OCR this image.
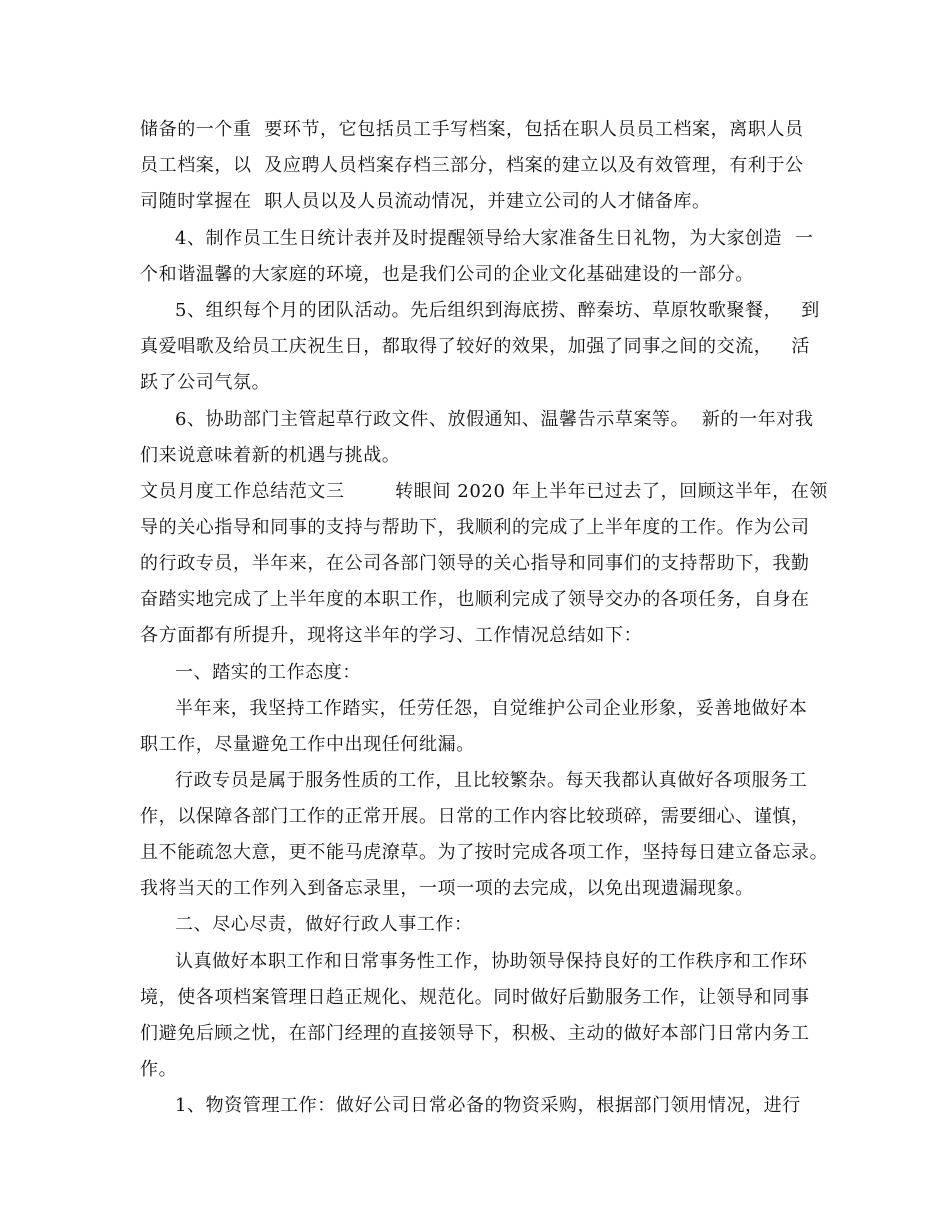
储备的一个重  要环节，它包括员工手写档案，包括在职人员员工档案，离职人员
员工档案，以  及应聘人员档案存档三部分，档案的建立以及有效管理，有利于公
司随时掌握在  职人员以及人员流动情况，并建立公司的人才储备库。
4、制作员工生日统计表并及时提醒领导给大家准备生日礼物，为大家创造  一
个和谐温馨的大家庭的环境，也是我们公司的企业文化基础建设的一部分。
5、组织每个月的团队活动。先后组织到海底捞、醉秦坊、草原牧歌聚餐，   到
真爱唱歌及给员工庆祝生日，都取得了较好的效果，加强了同事之间的交流，   活
跃了公司气氛。
6、协助部门主管起草行政文件、放假通知、温馨告示草案等。  新的一年对我
们来说意味着新的机遇与挑战。
文员月度工作总结范文三        转眼间 2020 年上半年已过去了，回顾这半年，在领
导的关心指导和同事的支持与帮助下，我顺利的完成了上半年度的工作。作为公司
的行政专员，半年来，在公司各部门领导的关心指导和同事们的支持帮助下，我勤
奋踏实地完成了上半年度的本职工作，也顺利完成了领导交办的各项任务，自身在
各方面都有所提升，现将这半年的学习、工作情况总结如下：
一、踏实的工作态度：
半年来，我坚持工作踏实，任劳任怨，自觉维护公司企业形象，妥善地做好本
职工作，尽量避免工作中出现任何纰漏。
行政专员是属于服务性质的工作，且比较繁杂。每天我都认真做好各项服务工
作，以保障各部门工作的正常开展。日常的工作内容比较琐碎，需要细心、谨慎，
且不能疏忽大意，更不能马虎潦草。为了按时完成各项工作，坚持每日建立备忘录。
我将当天的工作列入到备忘录里，一项一项的去完成，以免出现遗漏现象。
二、尽心尽责，做好行政人事工作：
认真做好本职工作和日常事务性工作，协助领导保持良好的工作秩序和工作环
境，使各项档案管理日趋正规化、规范化。同时做好后勤服务工作，让领导和同事
们避免后顾之忧，在部门经理的直接领导下，积极、主动的做好本部门日常内务工
作。
1、物资管理工作：做好公司日常必备的物资采购，根据部门领用情况，进行
